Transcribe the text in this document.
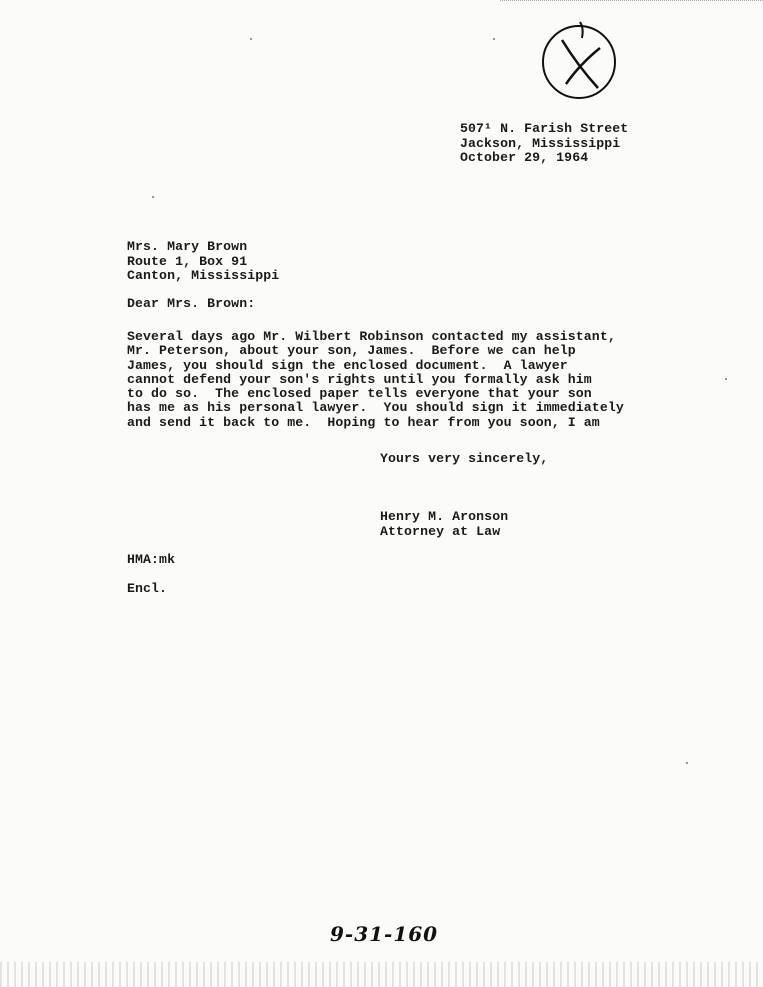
507¹ N. Farish Street
Jackson, Mississippi
October 29, 1964
Mrs. Mary Brown
Route 1, Box 91
Canton, Mississippi
Dear Mrs. Brown:
Several days ago Mr. Wilbert Robinson contacted my assistant,
Mr. Peterson, about your son, James.  Before we can help
James, you should sign the enclosed document.  A lawyer
cannot defend your son's rights until you formally ask him
to do so.  The enclosed paper tells everyone that your son
has me as his personal lawyer.  You should sign it immediately
and send it back to me.  Hoping to hear from you soon, I am
Yours very sincerely,
Henry M. Aronson
Attorney at Law
HMA:mk
Encl.
9-31-160
